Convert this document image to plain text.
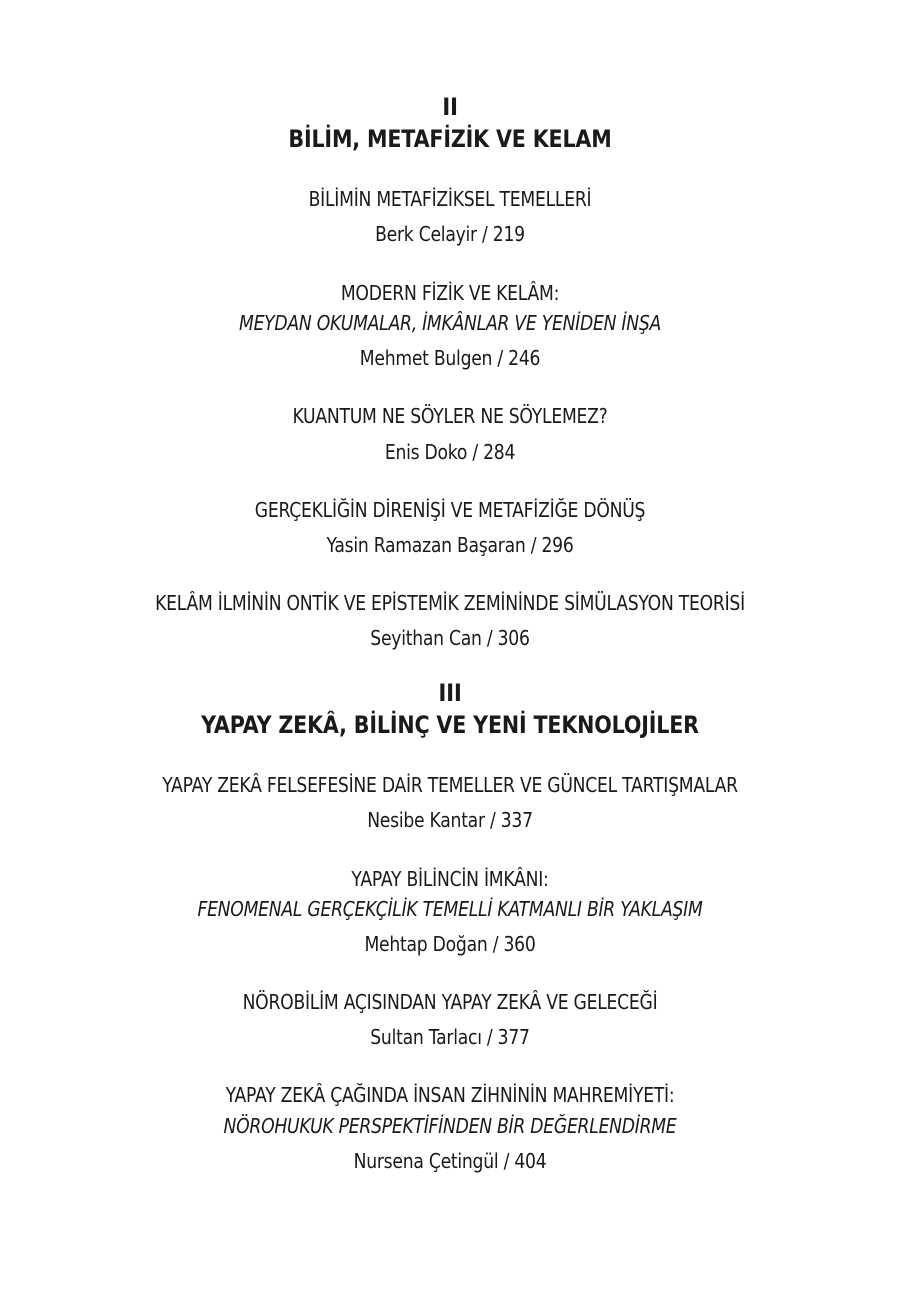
II
BİLİM, METAFİZİK VE KELAM
BİLİMİN METAFİZİKSEL TEMELLERİ
Berk Celayir / 219
MODERN FİZİK VE KELÂM:
MEYDAN OKUMALAR, İMKÂNLAR VE YENİDEN İNŞA
Mehmet Bulgen / 246
KUANTUM NE SÖYLER NE SÖYLEMEZ?
Enis Doko / 284
GERÇEKLİĞİN DİRENİŞİ VE METAFİZİĞE DÖNÜŞ
Yasin Ramazan Başaran / 296
KELÂM İLMİNİN ONTİK VE EPİSTEMİK ZEMİNİNDE SİMÜLASYON TEORİSİ
Seyithan Can / 306
III
YAPAY ZEKÂ, BİLİNÇ VE YENİ TEKNOLOJİLER
YAPAY ZEKÂ FELSEFESİNE DAİR TEMELLER VE GÜNCEL TARTIŞMALAR
Nesibe Kantar / 337
YAPAY BİLİNCİN İMKÂNI:
FENOMENAL GERÇEKÇİLİK TEMELLİ KATMANLI BİR YAKLAŞIM
Mehtap Doğan / 360
NÖROBİLİM AÇISINDAN YAPAY ZEKÂ VE GELECEĞİ
Sultan Tarlacı / 377
YAPAY ZEKÂ ÇAĞINDA İNSAN ZİHNİNİN MAHREMİYETİ:
NÖROHUKUK PERSPEKTİFİNDEN BİR DEĞERLENDİRME
Nursena Çetingül / 404
